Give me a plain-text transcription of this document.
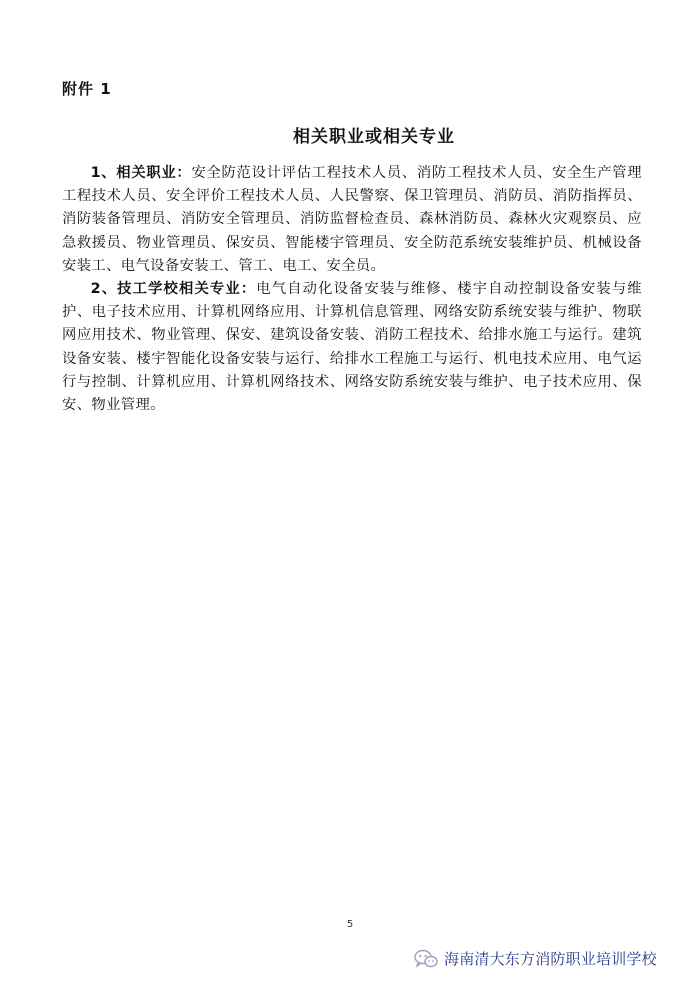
附件 1
相关职业或相关专业

1、相关职业：安全防范设计评估工程技术人员、消防工程技术人员、安全生产管理工程技术人员、安全评价工程技术人员、人民警察、保卫管理员、消防员、消防指挥员、消防装备管理员、消防安全管理员、消防监督检查员、森林消防员、森林火灾观察员、应急救援员、物业管理员、保安员、智能楼宇管理员、安全防范系统安装维护员、机械设备安装工、电气设备安装工、管工、电工、安全员。

2、技工学校相关专业：电气自动化设备安装与维修、楼宇自动控制设备安装与维护、电子技术应用、计算机网络应用、计算机信息管理、网络安防系统安装与维护、物联网应用技术、物业管理、保安、建筑设备安装、消防工程技术、给排水施工与运行。建筑设备安装、楼宇智能化设备安装与运行、给排水工程施工与运行、机电技术应用、电气运行与控制、计算机应用、计算机网络技术、网络安防系统安装与维护、电子技术应用、保安、物业管理。

5
海南清大东方消防职业培训学校
